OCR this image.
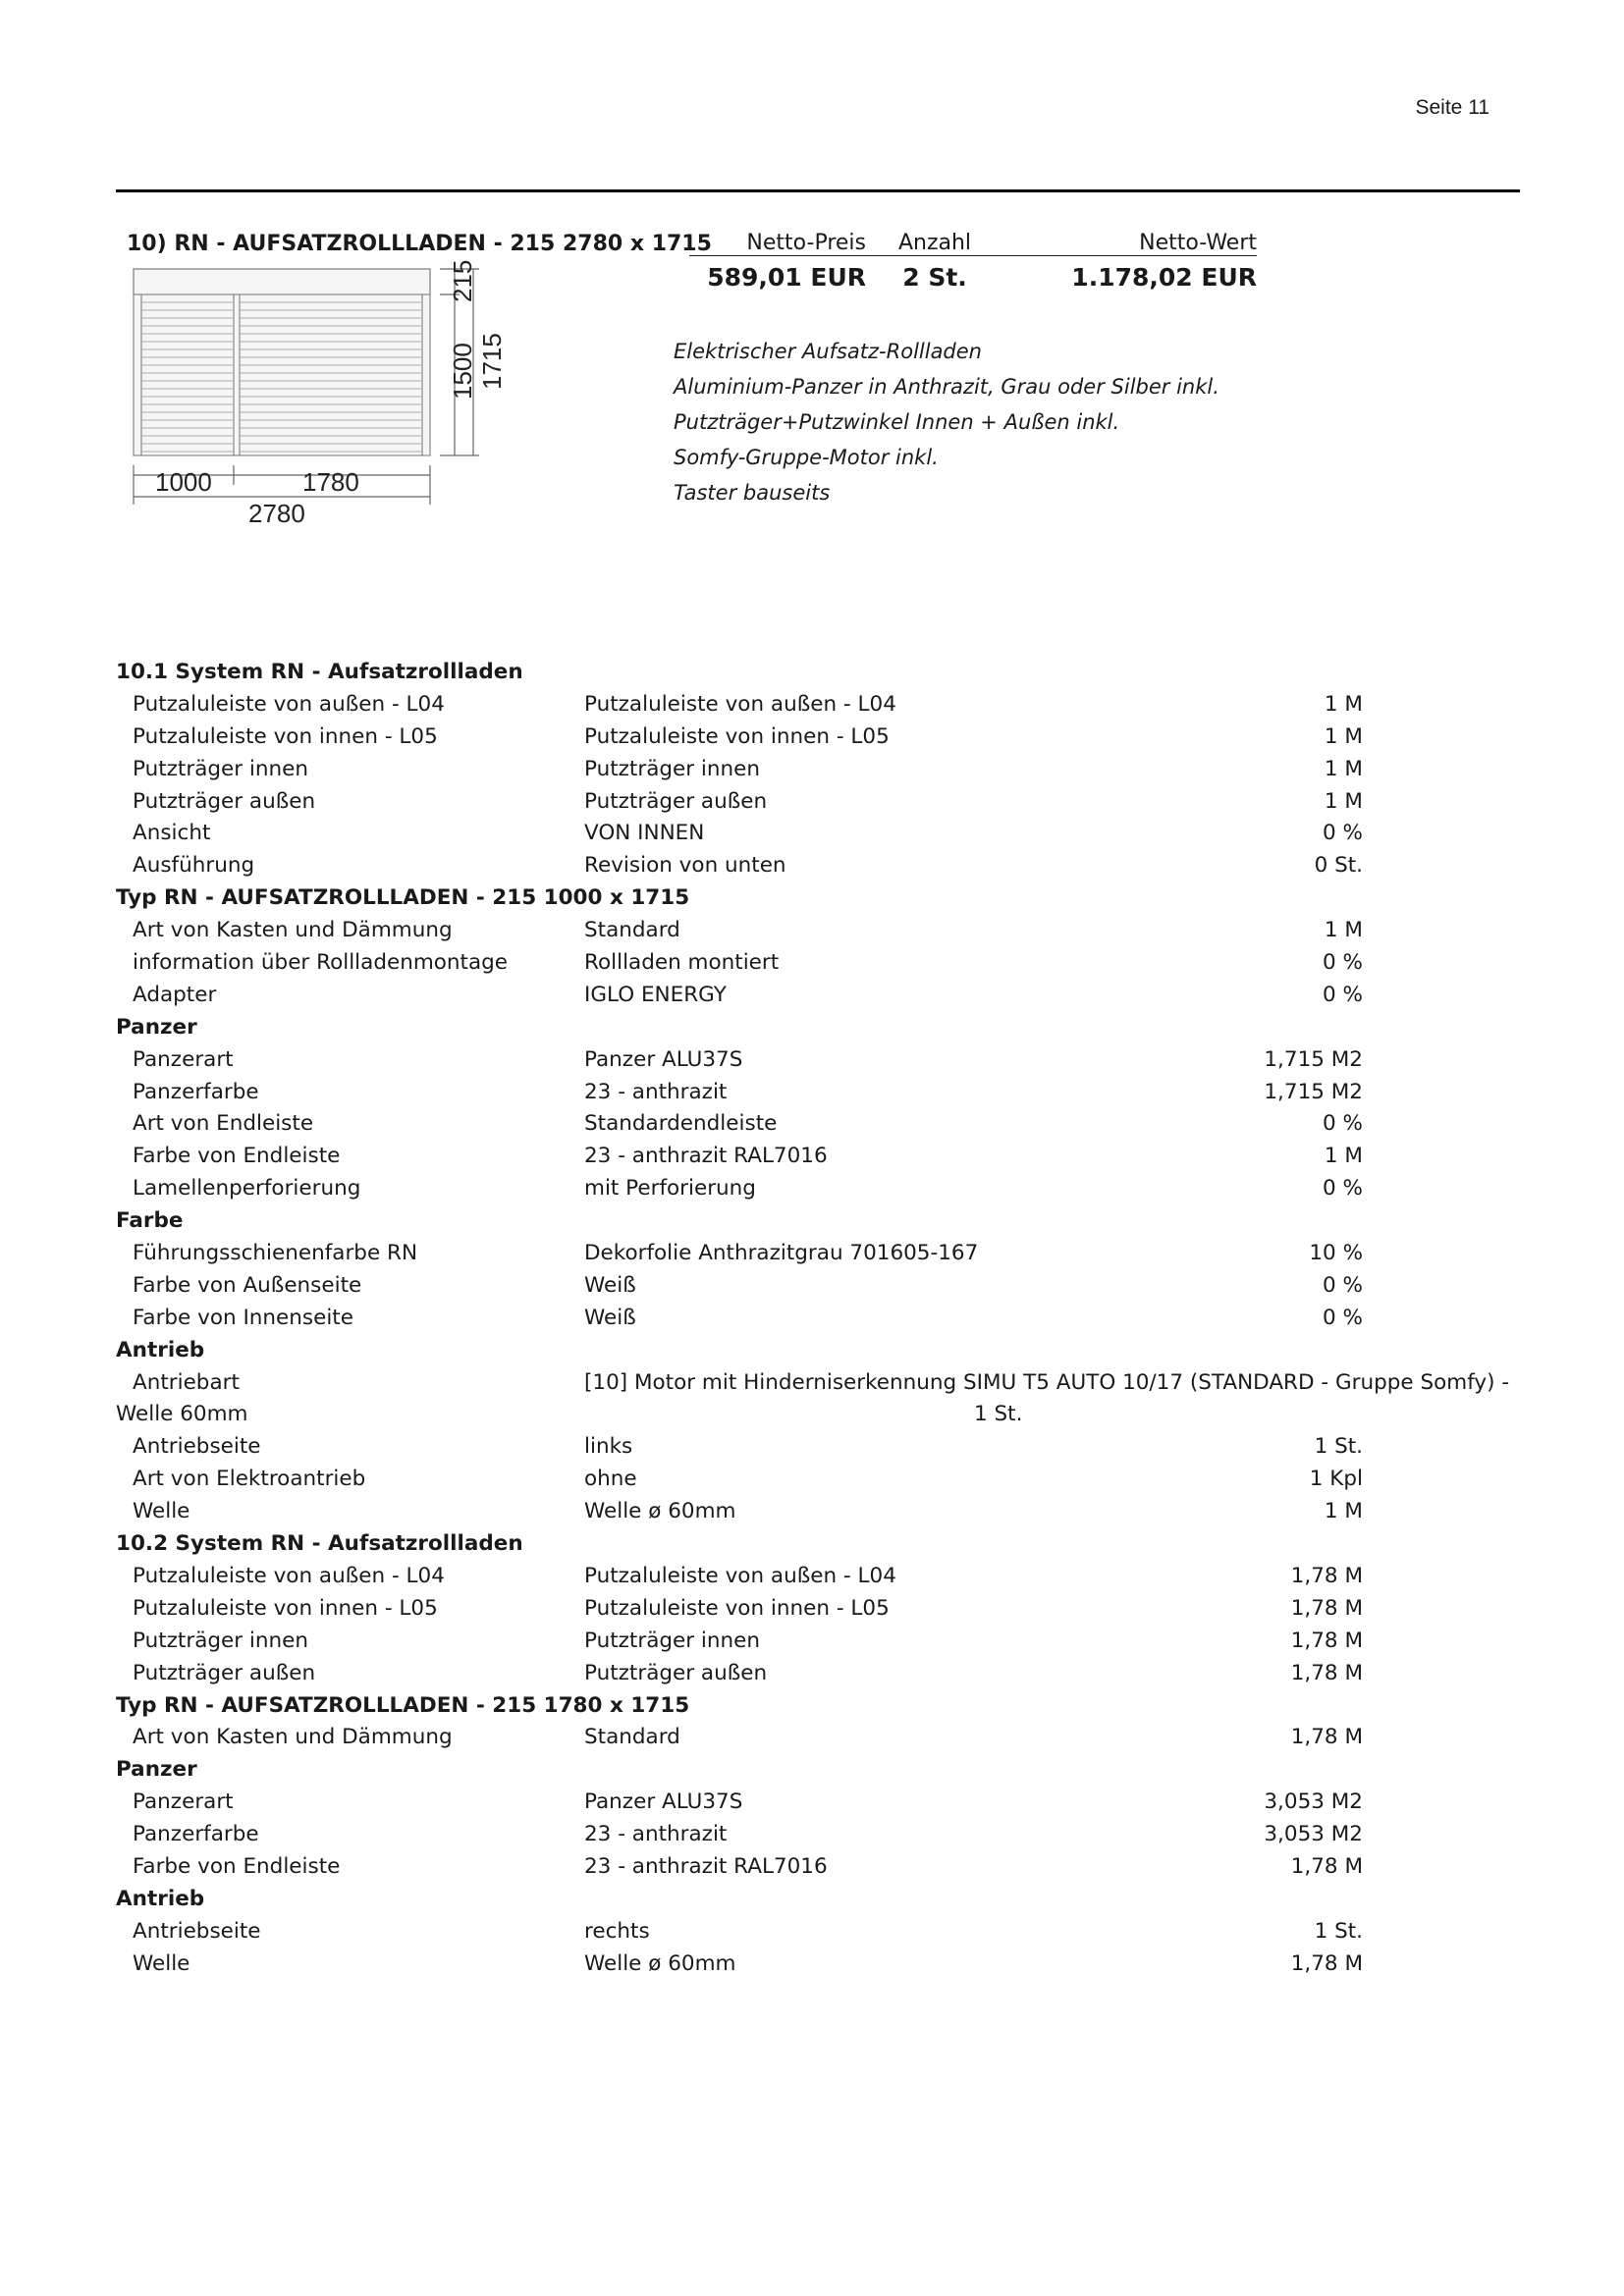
Seite 11
10) RN - AUFSATZROLLLADEN - 215 2780 x 1715
1000	1780
2780
215
1500 1715
Netto-Preis	Anzahl	Netto-Wert
589,01 EUR	2 St.	1.178,02 EUR
Elektrischer Aufsatz-Rollladen
Aluminium-Panzer in Anthrazit, Grau oder Silber inkl.
Putzträger+Putzwinkel Innen + Außen inkl.
Somfy-Gruppe-Motor inkl.
Taster bauseits
10.1 System RN - Aufsatzrollladen
Putzaluleiste von außen - L04	Putzaluleiste von außen - L04	1 M
Putzaluleiste von innen - L05	Putzaluleiste von innen - L05	1 M
Putzträger innen	Putzträger innen	1 M
Putzträger außen	Putzträger außen	1 M
Ansicht	VON INNEN	0 %
Ausführung	Revision von unten	0 St.
Typ RN - AUFSATZROLLLADEN - 215 1000 x 1715
Art von Kasten und Dämmung	Standard	1 M
information über Rollladenmontage	Rollladen montiert	0 %
Adapter	IGLO ENERGY	0 %
Panzer
Panzerart	Panzer ALU37S	1,715 M2
Panzerfarbe	23 - anthrazit	1,715 M2
Art von Endleiste	Standardendleiste	0 %
Farbe von Endleiste	23 - anthrazit RAL7016	1 M
Lamellenperforierung	mit Perforierung	0 %
Farbe
Führungsschienenfarbe RN	Dekorfolie Anthrazitgrau 701605-167	10 %
Farbe von Außenseite	Weiß	0 %
Farbe von Innenseite	Weiß	0 %
Antrieb
Antriebart	[10] Motor mit Hinderniserkennung SIMU T5 AUTO 10/17 (STANDARD - Gruppe Somfy) -
Welle 60mm	1 St.
Antriebseite	links	1 St.
Art von Elektroantrieb	ohne	1 Kpl
Welle	Welle ø 60mm	1 M
10.2 System RN - Aufsatzrollladen
Putzaluleiste von außen - L04	Putzaluleiste von außen - L04	1,78 M
Putzaluleiste von innen - L05	Putzaluleiste von innen - L05	1,78 M
Putzträger innen	Putzträger innen	1,78 M
Putzträger außen	Putzträger außen	1,78 M
Typ RN - AUFSATZROLLLADEN - 215 1780 x 1715
Art von Kasten und Dämmung	Standard	1,78 M
Panzer
Panzerart	Panzer ALU37S	3,053 M2
Panzerfarbe	23 - anthrazit	3,053 M2
Farbe von Endleiste	23 - anthrazit RAL7016	1,78 M
Antrieb
Antriebseite	rechts	1 St.
Welle	Welle ø 60mm	1,78 M
